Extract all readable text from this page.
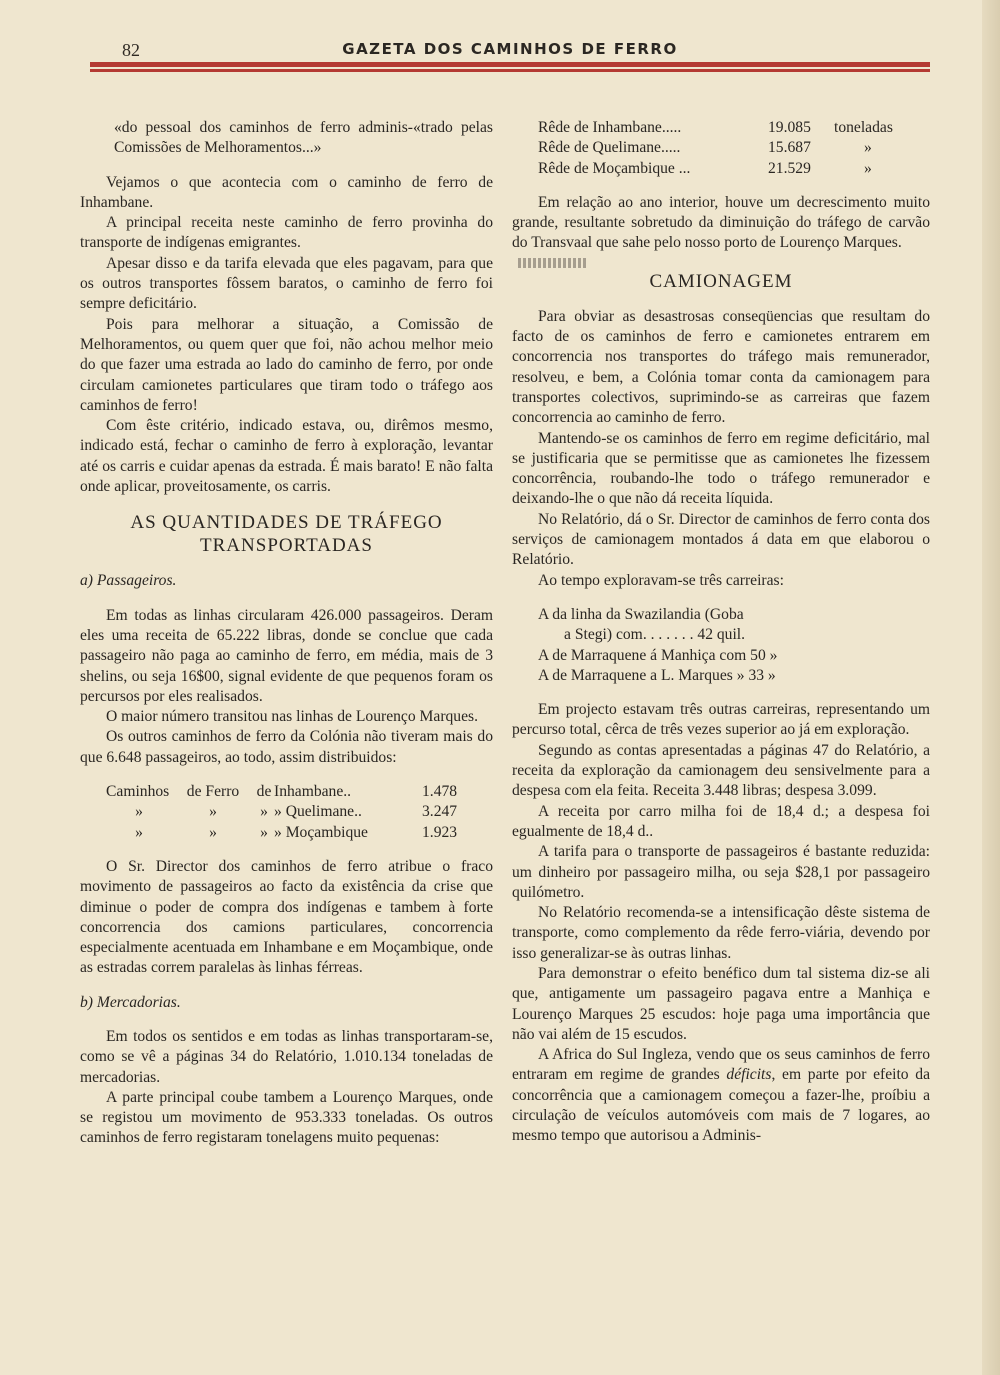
82	GAZETA DOS CAMINHOS DE FERRO

«do pessoal dos caminhos de ferro adminis-«trado pelas Comissões de Melhoramentos...»

Vejamos o que acontecia com o caminho de ferro de Inhambane.

A principal receita neste caminho de ferro provinha do transporte de indígenas emigrantes.

Apesar disso e da tarifa elevada que eles pagavam, para que os outros transportes fôssem baratos, o caminho de ferro foi sempre deficitário.

Pois para melhorar a situação, a Comissão de Melhoramentos, ou quem quer que foi, não achou melhor meio do que fazer uma estrada ao lado do caminho de ferro, por onde circulam camionetes particulares que tiram todo o tráfego aos caminhos de ferro!

Com êste critério, indicado estava, ou, dirêmos mesmo, indicado está, fechar o caminho de ferro à exploração, levantar até os carris e cuidar apenas da estrada. É mais barato! E não falta onde aplicar, proveitosamente, os carris.

AS QUANTIDADES DE TRÁFEGO

TRANSPORTADAS

a) Passageiros.

Em todas as linhas circularam 426.000 passageiros. Deram eles uma receita de 65.222 libras, donde se conclue que cada passageiro não paga ao caminho de ferro, em média, mais de 3 shelins, ou seja 16$00, signal evidente de que pequenos foram os percursos por eles realisados.

O maior número transitou nas linhas de Lourenço Marques.

Os outros caminhos de ferro da Colónia não tiveram mais do que 6.648 passageiros, ao todo, assim distribuidos:

Caminhos	de Ferro	de	Inhambane..	1.478
»	»	»	» Quelimane..	3.247
»	»	»	» Moçambique	1.923

O Sr. Director dos caminhos de ferro atribue o fraco movimento de passageiros ao facto da existência da crise que diminue o poder de compra dos indígenas e tambem à forte concorrencia dos camions particulares, concorrencia especialmente acentuada em Inhambane e em Moçambique, onde as estradas correm paralelas às linhas férreas.

b) Mercadorias.

Em todos os sentidos e em todas as linhas transportaram-se, como se vê a páginas 34 do Relatório, 1.010.134 toneladas de mercadorias.

A parte principal coube tambem a Lourenço Marques, onde se registou um movimento de 953.333 toneladas. Os outros caminhos de ferro registaram tonelagens muito pequenas:

Rêde de Inhambane.....	19.085	toneladas
Rêde de Quelimane.....	15.687	»
Rêde de Moçambique ...	21.529	»

Em relação ao ano interior, houve um decrescimento muito grande, resultante sobretudo da diminuição do tráfego de carvão do Transvaal que sahe pelo nosso porto de Lourenço Marques.

CAMIONAGEM

Para obviar as desastrosas conseqüencias que resultam do facto de os caminhos de ferro e camionetes entrarem em concorrencia nos transportes do tráfego mais remunerador, resolveu, e bem, a Colónia tomar conta da camionagem para transportes colectivos, suprimindo-se as carreiras que fazem concorrencia ao caminho de ferro.

Mantendo-se os caminhos de ferro em regime deficitário, mal se justificaria que se permitisse que as camionetes lhe fizessem concorrência, roubando-lhe todo o tráfego remunerador e deixando-lhe o que não dá receita líquida.

No Relatório, dá o Sr. Director de caminhos de ferro conta dos serviços de camionagem montados á data em que elaborou o Relatório.

Ao tempo exploravam-se três carreiras:

A da linha da Swazilandia (Goba
a Stegi) com. . . . . . . 42 quil.
A de Marraquene á Manhiça com 50 »
A de Marraquene a L. Marques » 33 »

Em projecto estavam três outras carreiras, representando um percurso total, cêrca de três vezes superior ao já em exploração.

Segundo as contas apresentadas a páginas 47 do Relatório, a receita da exploração da camionagem deu sensivelmente para a despesa com ela feita. Receita 3.448 libras; despesa 3.099.

A receita por carro milha foi de 18,4 d.; a despesa foi egualmente de 18,4 d..

A tarifa para o transporte de passageiros é bastante reduzida: um dinheiro por passageiro milha, ou seja $28,1 por passageiro quilómetro.

No Relatório recomenda-se a intensificação dêste sistema de transporte, como complemento da rêde ferro-viária, devendo por isso generalizar-se às outras linhas.

Para demonstrar o efeito benéfico dum tal sistema diz-se ali que, antigamente um passageiro pagava entre a Manhiça e Lourenço Marques 25 escudos: hoje paga uma importância que não vai além de 15 escudos.

A Africa do Sul Ingleza, vendo que os seus caminhos de ferro entraram em regime de grandes déficits, em parte por efeito da concorrência que a camionagem começou a fazer-lhe, proíbiu a circulação de veículos automóveis com mais de 7 logares, ao mesmo tempo que autorisou a Adminis-
